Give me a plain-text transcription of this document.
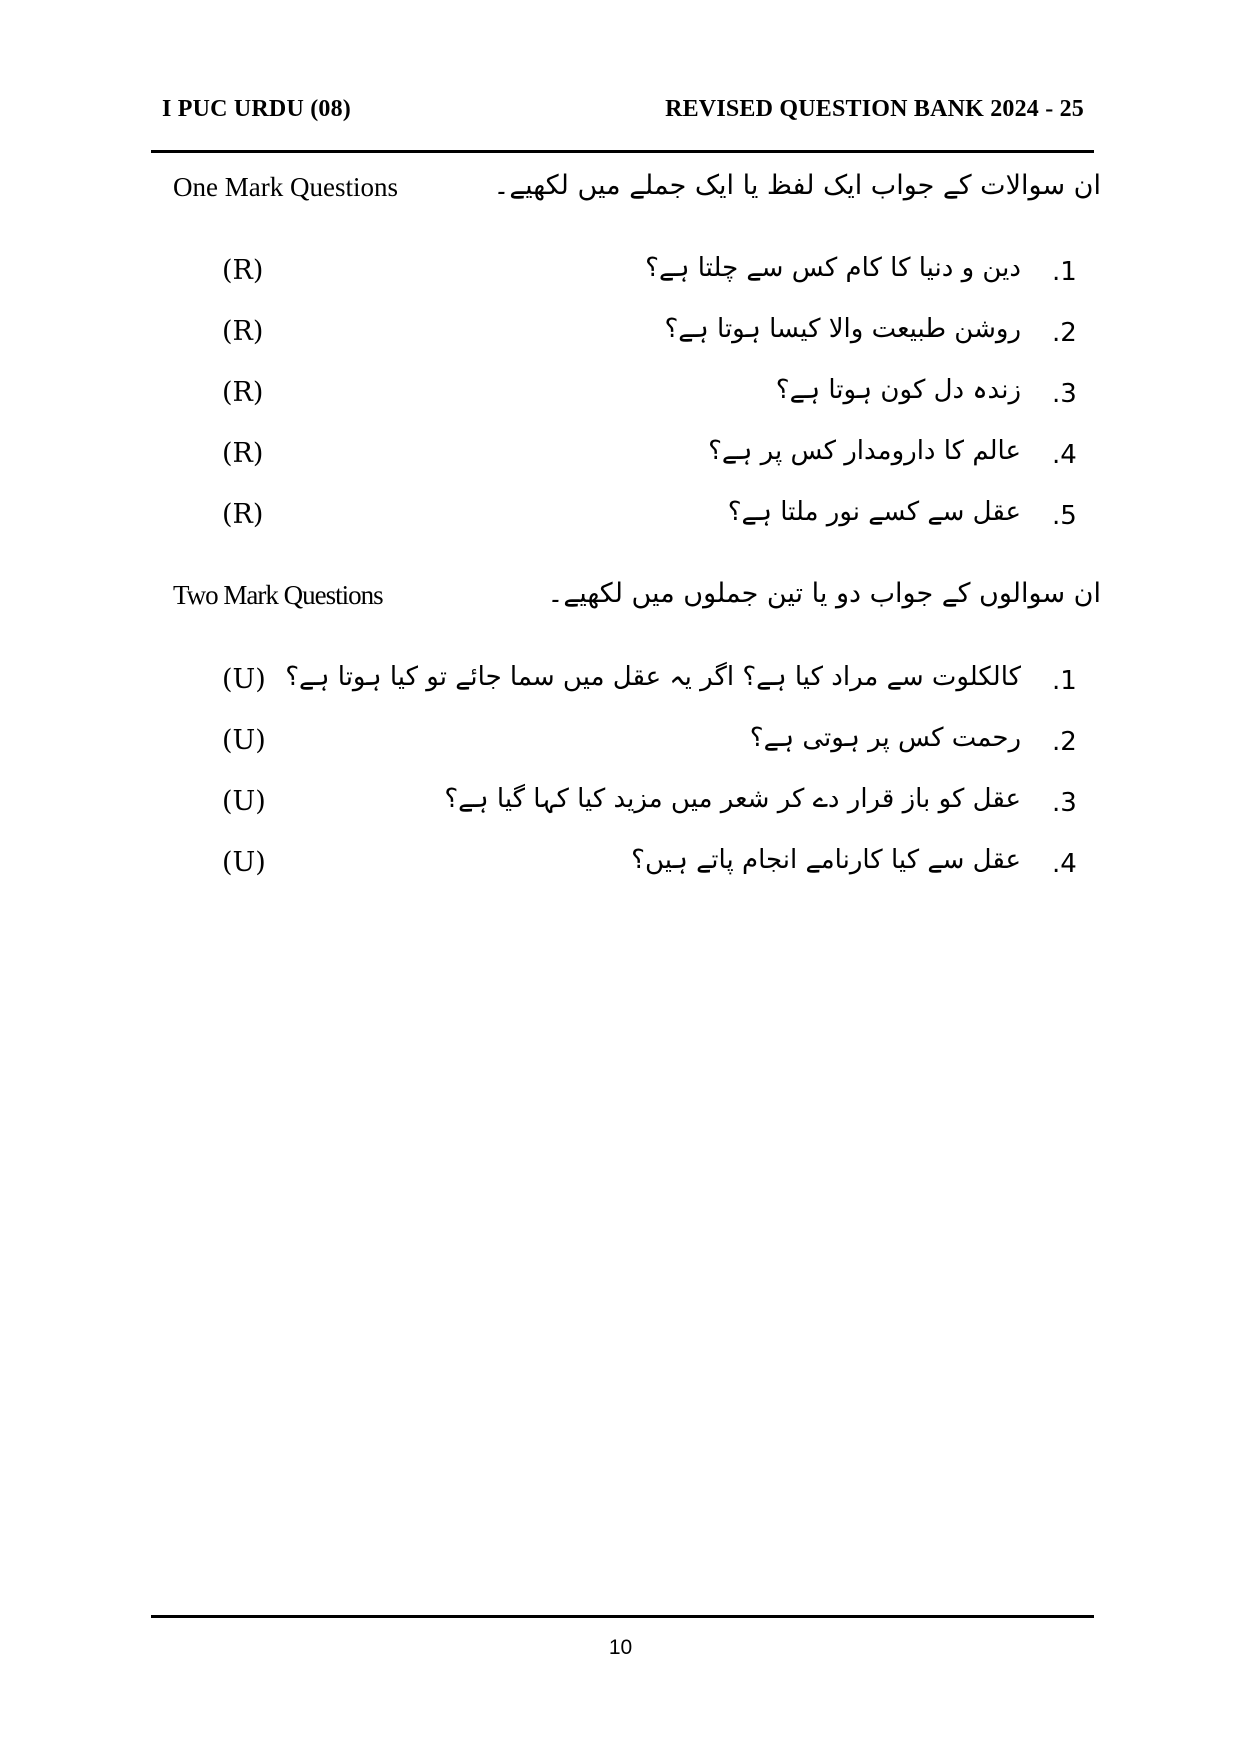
I PUC URDU (08)	REVISED QUESTION BANK 2024 - 25
One Mark Questions	ان سوالات کے جواب ایک لفظ یا ایک جملے میں لکھیے۔
(R)	دین و دنیا کا کام کس سے چلتا ہے؟ .1
(R)	روشن طبیعت والا کیسا ہوتا ہے؟ .2
(R)	زندہ دل کون ہوتا ہے؟ .3
(R)	عالم کا دارومدار کس پر ہے؟ .4
(R)	عقل سے کسے نور ملتا ہے؟ .5
Two Mark Questions	ان سوالوں کے جواب دو یا تین جملوں میں لکھیے۔
(U) کالکلوت سے مراد کیا ہے؟ اگر یہ عقل میں سما جائے تو کیا ہوتا ہے؟ .1
(U)	رحمت کس پر ہوتی ہے؟ .2
(U)	عقل کو باز قرار دے کر شعر میں مزید کیا کہا گیا ہے؟ .3
(U)	عقل سے کیا کارنامے انجام پاتے ہیں؟ .4
10
